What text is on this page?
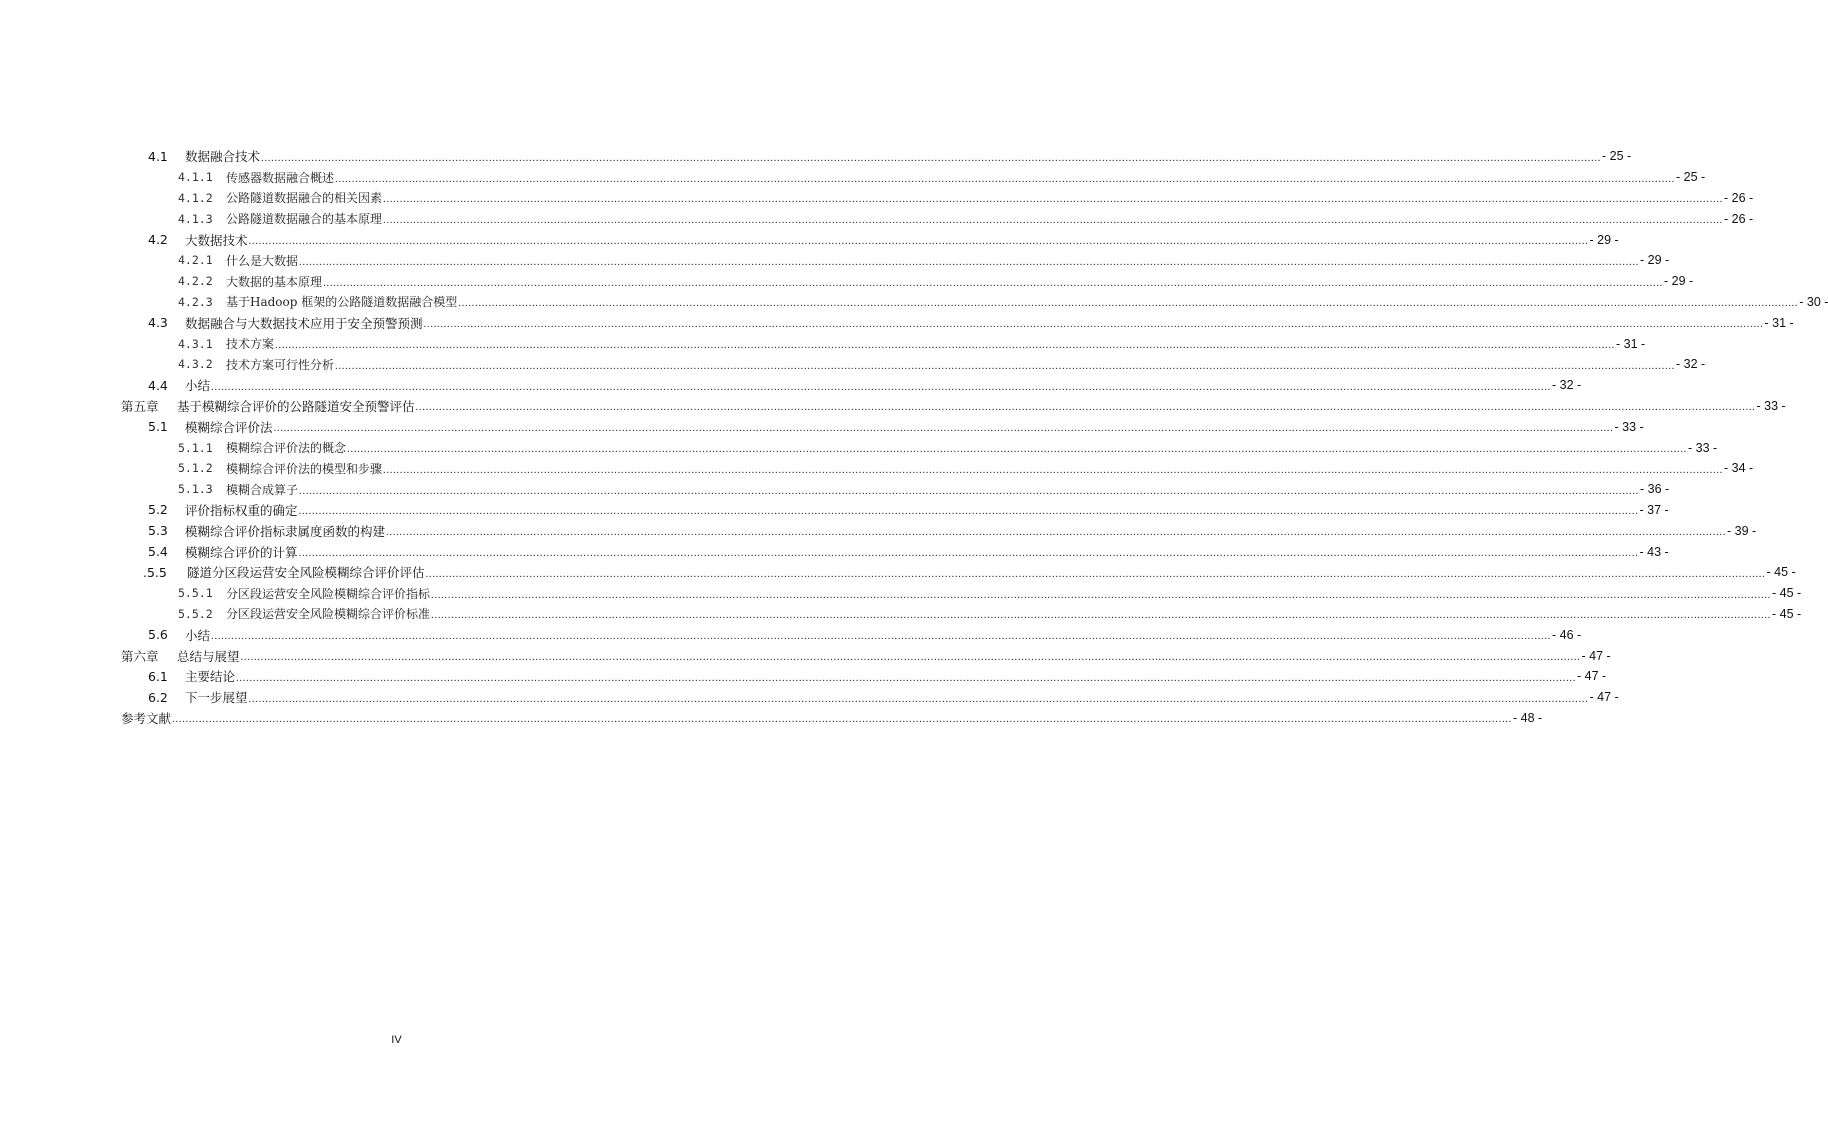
4.1	数据融合技术 ................................................................................................................................................................................................................................................................................................................................................................................................................ - 25 -
4.1.1	传感器数据融合概述 ................................................................................................................................................................................................................................................................................................................................................................................................................ - 25 -
4.1.2	公路隧道数据融合的相关因素 ................................................................................................................................................................................................................................................................................................................................................................................................................ - 26 -
4.1.3	公路隧道数据融合的基本原理 ................................................................................................................................................................................................................................................................................................................................................................................................................ - 26 -
4.2	大数据技术 ................................................................................................................................................................................................................................................................................................................................................................................................................ - 29 -
4.2.1	什么是大数据 ................................................................................................................................................................................................................................................................................................................................................................................................................ - 29 -
4.2.2	大数据的基本原理 ................................................................................................................................................................................................................................................................................................................................................................................................................ - 29 -
4.2.3	基于Hadoop 框架的公路隧道数据融合模型 ................................................................................................................................................................................................................................................................................................................................................................................................................ - 30 -
4.3	数据融合与大数据技术应用于安全预警预测 ................................................................................................................................................................................................................................................................................................................................................................................................................ - 31 -
4.3.1	技术方案 ................................................................................................................................................................................................................................................................................................................................................................................................................ - 31 -
4.3.2	技术方案可行性分析 ................................................................................................................................................................................................................................................................................................................................................................................................................ - 32 -
4.4	小结 ................................................................................................................................................................................................................................................................................................................................................................................................................ - 32 -
第五章	基于模糊综合评价的公路隧道安全预警评估 ................................................................................................................................................................................................................................................................................................................................................................................................................ - 33 -
5.1	模糊综合评价法 ................................................................................................................................................................................................................................................................................................................................................................................................................ - 33 -
5.1.1	模糊综合评价法的概念 ................................................................................................................................................................................................................................................................................................................................................................................................................ - 33 -
5.1.2	模糊综合评价法的模型和步骤 ................................................................................................................................................................................................................................................................................................................................................................................................................ - 34 -
5.1.3	模糊合成算子 ................................................................................................................................................................................................................................................................................................................................................................................................................ - 36 -
5.2	评价指标权重的确定 ................................................................................................................................................................................................................................................................................................................................................................................................................ - 37 -
5.3	模糊综合评价指标隶属度函数的构建 ................................................................................................................................................................................................................................................................................................................................................................................................................ - 39 -
5.4	模糊综合评价的计算 ................................................................................................................................................................................................................................................................................................................................................................................................................ - 43 -
.5.5	隧道分区段运营安全风险模糊综合评价评估 ................................................................................................................................................................................................................................................................................................................................................................................................................ - 45 -
5.5.1	分区段运营安全风险模糊综合评价指标 ................................................................................................................................................................................................................................................................................................................................................................................................................ - 45 -
5.5.2	分区段运营安全风险模糊综合评价标准 ................................................................................................................................................................................................................................................................................................................................................................................................................ - 45 -
5.6	小结 ................................................................................................................................................................................................................................................................................................................................................................................................................ - 46 -
第六章	总结与展望 ................................................................................................................................................................................................................................................................................................................................................................................................................ - 47 -
6.1	主要结论 ................................................................................................................................................................................................................................................................................................................................................................................................................ - 47 -
6.2	下一步展望 ................................................................................................................................................................................................................................................................................................................................................................................................................ - 47 -
参考文献 ................................................................................................................................................................................................................................................................................................................................................................................................................ - 48 -
IV
